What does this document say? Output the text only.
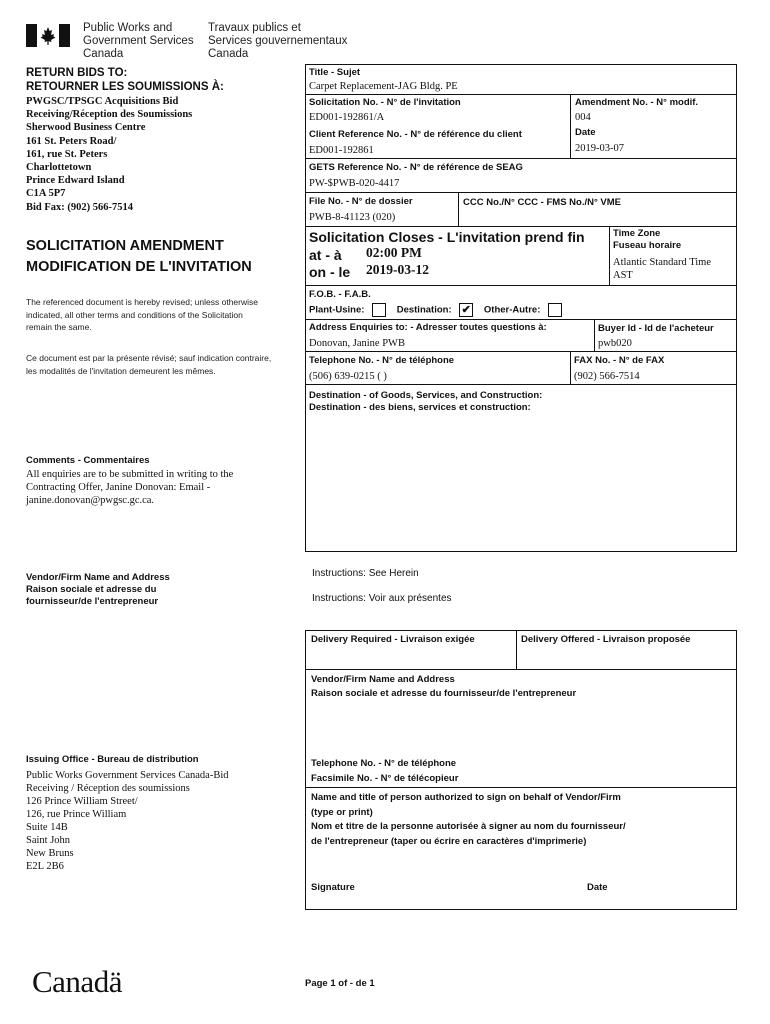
Public Works and
Government Services
Canada
Travaux publics et
Services gouvernementaux
Canada
RETURN BIDS TO:
RETOURNER LES SOUMISSIONS À:
PWGSC/TPSGC Acquisitions Bid
Receiving/Réception des Soumissions
Sherwood Business Centre
161 St. Peters Road/
161, rue St. Peters
Charlottetown
Prince Edward Island
C1A 5P7
Bid Fax: (902) 566-7514
SOLICITATION AMENDMENT
MODIFICATION DE L'INVITATION
The referenced document is hereby revised; unless otherwise
indicated, all other terms and conditions of the Solicitation
remain the same.
Ce document est par la présente révisé; sauf indication contraire,
les modalités de l'invitation demeurent les mêmes.
Comments - Commentaires
All enquiries are to be submitted in writing to the
Contracting Offer, Janine Donovan: Email -
janine.donovan@pwgsc.gc.ca.
Vendor/Firm Name and Address
Raison sociale et adresse du
fournisseur/de l'entrepreneur
Issuing Office - Bureau de distribution
Public Works Government Services Canada-Bid
Receiving / Réception des soumissions
126 Prince William Street/
126, rue Prince William
Suite 14B
Saint John
New Bruns
E2L 2B6
Title - Sujet
Carpet Replacement-JAG Bldg. PE
Solicitation No. - N° de l'invitation
ED001-192861/A
Amendment No. - N° modif.
004
Client Reference No. - N° de référence du client
ED001-192861
Date
2019-03-07
GETS Reference No. - N° de référence de SEAG
PW-$PWB-020-4417
File No. - N° de dossier
PWB-8-41123 (020)
CCC No./N° CCC - FMS No./N° VME
Solicitation Closes - L'invitation prend fin
at - à 02:00 PM
on - le 2019-03-12
Time Zone
Fuseau horaire
Atlantic Standard Time
AST
F.O.B. - F.A.B.
Plant-Usine:	Destination: ✔ Other-Autre:
Address Enquiries to: - Adresser toutes questions à:
Donovan, Janine PWB
Buyer Id - Id de l'acheteur
pwb020
Telephone No. - N° de téléphone
(506) 639-0215 ( )
FAX No. - N° de FAX
(902) 566-7514
Destination - of Goods, Services, and Construction:
Destination - des biens, services et construction:
Instructions: See Herein
Instructions: Voir aux présentes
Delivery Required - Livraison exigée	Delivery Offered - Livraison proposée
Vendor/Firm Name and Address
Raison sociale et adresse du fournisseur/de l'entrepreneur
Telephone No. - N° de téléphone
Facsimile No. - N° de télécopieur
Name and title of person authorized to sign on behalf of Vendor/Firm
(type or print)
Nom et titre de la personne autorisée à signer au nom du fournisseur/
de l'entrepreneur (taper ou écrire en caractères d'imprimerie)
Signature	Date
Canadä	Page 1 of - de 1
